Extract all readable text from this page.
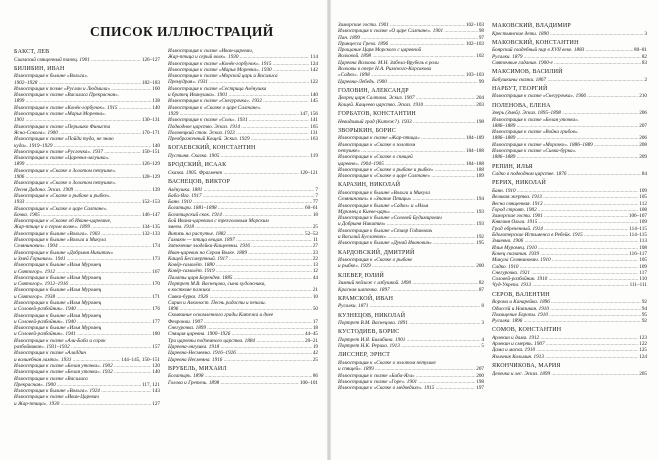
СПИСОК ИЛЛЮСТРАЦИЙ
БАКСТ, ЛЕВ
Сиамский священный танец. 1901 .....	126–127
БИЛИБИН, ИВАН
Иллюстрация к былине «Вольга».
1902–1928 .....	182–183
Иллюстрация к поэме «Руслан и Людмила» .....	160
Иллюстрация к сказке «Василиса Прекрасная».
1899 .....	138
Иллюстрация к сказке «Конёк-горбунок». 1915 .....	140
Иллюстрация к сказке «Марья Моревна».
1901 .....	130–131
Иллюстрация к сказке «Перышко Финиста
Ясна-Сокола». 1900 .....	170–171
Иллюстрация к сказке «Пойди туда, не знаю
куда». 1919–1929 .....	140
Иллюстрация к сказке «Руслочка». 1937 .....	150–151
Иллюстрация к сказке «Царевна-лягушка».
1899 .....	126–129
Иллюстрация к «Сказке о Золотом петушке».
1906 .....	128–129
Иллюстрация к «Сказке о Золотом петушке».
Песня Дадона. Эскиз. 1909 .....	139
Иллюстрация к «Сказке о рыбаке и рыбке».
1933 .....	152–153
Иллюстрация к «Сказке о царе Салтане».
Бочка. 1905 .....	146–147
Иллюстрация к «Сказке об Иване-царевиче,
Жар-птице и о сером волке». 1899 .....	134–135
Иллюстрация к былине «Вольга». 1903 .....	132–133
Иллюстрация к былине «Вольга и Микула
Селянинович». 1904 .....	174
Иллюстрация к былине «Добрыня Никитич»
и Змей Горыныч». 1941 .....	173
Иллюстрация к былине «Илья Муромец
и Святогор». 1912 .....	167
Иллюстрация к былине «Илья Муромец
и Святогор». 1912–1916 .....	170
Иллюстрация к былине «Илья Муромец
и Святогор». 1938 .....	171
Иллюстрация к былине «Илья Муромец
и Соловей-разбойник». 1940 .....	176
Иллюстрация к былине «Илья Муромец
и Соловей-разбойник». 1940 .....	177
Иллюстрация к былине «Илья Муромец
и Соловей-разбойник». 1941 .....	180
Иллюстрация к сказке «Али-Баба и сорок
разбойников». 1931–1932 .....	157
Иллюстрация к сказке «Аладдин
и волшебная лампа». 1931 .....	144–145, 150–151
Иллюстрация к сказке «Белая уточка». 1902 .....	120
Иллюстрация к сказке «Белая уточка». 1932 .....	140
Иллюстрация к сказке «Василиса
Прекрасная». 1900 .....	117, 121
Иллюстрация к былине «Вольга». 1924 .....	143
Иллюстрация к сказке «Иван-Царевич
и Жар-птица». 1930 .....	127
Иллюстрация к сказке «Иван-царевич,
Жар-птица и серый волк». 1930 .....	114
Иллюстрация к сказке «Конёк-горбунок». 1915 .....	124
Иллюстрация к сказке «Марья Моревна». 1930 .....	142
Иллюстрация к сказке «Морской царь и Василиса
Премудрая». 1931 .....	122
Иллюстрация к сказке «Сестрица Алёнушка
и братец Иванушка». 1901 .....	140
Иллюстрация к сказке «Снегурочка». 1932 .....	145
Иллюстрация к «Сказке о царе Салтане».
1929 .....	147, 156
Иллюстрация к сказке «Соль». 1931 .....	141
Подводное царство. Эскиз. 1914 .....	165
Половецкий стан. Эскиз. 1923 .....	131
Преображенный Кощей. Эскиз. 1929 .....	163
БОГАЕВСКИЙ, КОНСТАНТИН
Пустыня. Сказка. 1905 .....	119
БРОДСКИЙ, ИСААК
Сказка. 1905. Фрагмент .....	120–121
ВАСНЕЦОВ, ВИКТОР
Алёнушка. 1881 .....	7
Баба-Яга. 1917 .....	7
Баян. 1910 .....	77
Богатыри. 1881–1898 .....	60–61
Богатырский скок. 1914 .....	18
Бой Ивана-царевича с трехголовым Морским
змеем. 1918 .....	25
Витязь на распутье. 1882 .....	52–53
Гамаюн — птица вещая. 1897 .....	11
Заточение злодейки-Кащеевны. 1916 .....	27
Иван-царевич на Сером Волке. 1889 .....	23
Кащей Бессмертный. 1917 .....	22
Ковёр-самолёт. 1880 .....	13
Ковёр-самолёт. 1919 .....	12
Палаты царя Берендея. 1885 .....	44
Портрет М.В. Васнецова, сына художника,
в костюме пажика .....	21
Сивка-бурка. 1926 .....	10
Сирин и Алконост. Песнь радости и печали.
1896 .....	50
Скомкание оскомленного грады Китежа и днее
Февронии. 1907 .....	17
Снегурочка. 1899 .....	18
Спящая царевна. 1900–1926 .....	44–45
Три царевны подземного царства. 1884 .....	20–21
Царевна-лягушка. 1918 .....	19
Царевна-Несмеяна. 1916–1926 .....	42
Царевна Несмеяна. 1916 .....	25
ВРУБЕЛЬ, МИХАИЛ
Богатырь. 1898 .....	86
Голова и Гретель. 1898 .....	100–101
Заморские гости. 1901 .....	102–103
Иллюстрация к сказке «О царе Салтане». 1901 .....	98
Пан. 1899 .....	97
Принцесса Греза. 1896 .....	102–103
Прощание Царя Морского с царевной
Волховой. 1898 .....	102
Царевна Волхова. М.Н. Забела-Врубель в роли
Волховы в опере Н.А. Римского-Корсакова
«Садко». 1898 .....	103–103
Царевна-Лебедь. 1900 .....	99
ГОЛОВИН, АЛЕКСАНДР
Дворец царя Салтана. Эскиз. 1907 .....	204
Кощей. Кащеево царство. Эскиз. 1910 .....	203
ГОРБАТОВ, КОНСТАНТИН
Невидимый град (Китеж?). 1933 .....	198
ЗВОРЫКИН, БОРИС
Иллюстрация к сказке «Жар-птица» .....	184–189
Иллюстрация к «Сказке о золотом
петушке» .....	184–188
Иллюстрация к «Сказке о спящей
царевне». 1904–1905 .....	184–188
Иллюстрация к «Сказке о рыбаке и рыбке» .....	188
Иллюстрация к «Сказке о царе Салтане» .....	189
КАРАЗИН, НИКОЛАЙ
Иллюстрация к былине «Вольга и Микула
Селянинович» в «Знание Птицы» .....	194
Иллюстрация к былине «Садко» и «Илья
Муромец в Киеве-царь» .....	193
Иллюстрация к былине «Соловей Будимирович
и Добрыня Никитич» .....	193
Иллюстрация к былине «Ставр Годинович
и Василий Буслаевич» .....	192
Иллюстрация к былине «Дунай Иванович» .....	195
КАРДОВСКИЙ, ДМИТРИЙ
Иллюстрация к «Сказке о рыбаке
и рыбке». 1929 .....	200
КЛЕВЕР, ЮЛИЙ
Зимний пейзаж с избушкой. 1890 .....	82
Красная шапочка. 1897 .....	87
КРАМСКОЙ, ИВАН
Русалки. 1871 .....	8
КУЗНЕЦОВ, НИКОЛАЙ
Портрет В.М. Васнецова. 1891 .....	3
КУСТОДИЕВ, БОРИС
Портрет И.Я. Билибина. 1901 .....	4
Портрет Н.К. Рериха. 1913 .....	5
ЛИССНЕР, ЭРНСТ
Иллюстрация к «Сказке о золотом петушке
и спящей». 1899 .....	207
Иллюстрация к сказке «Баба-Яга» .....	200
Иллюстрация к сказке «Горе». 1901 .....	198
Иллюстрация к «Сказке о медведихе». 1915 .....	197
МАКОВСКИЙ, ВЛАДИМИР
Крестьянские дети. 1890 .....	3
МАКОВСКИЙ, КОНСТАНТИН
Боярский свадебный пир в XVII веке. 1883 .....	80–81
Русалки. 1879 .....	82
Святочные гадания. 1900-е .....	83
МАКСИМОВ, ВАСИЛИЙ
Бабушкины сказки. 1867 .....	2
НАРБУТ, ГЕОРГИЙ
Иллюстрация к сказке «Снегурочка». 1906 .....	210
ПОЛЕНОВА, ЕЛЕНА
Зверь (Змей). Эскиз. 1895–1898 .....	206
Иллюстрация к сказке «Белая уточка».
1886–1889 .....	207
Иллюстрация к сказке «Война грибов».
1886–1889 .....	206
Иллюстрация к сказке «Морозко». 1886–1889 .....	208
Иллюстрация к сказке «Сивка-бурка».
1886–1889 .....	209
РЕПИН, ИЛЬЯ
Садко в подводном царстве. 1876 .....	84
РЕРИХ, НИКОЛАЙ
Баян. 1910 .....	109
Великая жертва. 1913 .....	105
Весна священная. 1913 .....	112
Город строят. 1902 .....	108
Заморские гости. 1901 .....	106–107
Княгиня Ольга. 1915 .....	109
Град обреченный. 1914 .....	114–115
Бдолотерские Истьменса в Ребейк. 1915 .....	114–115
Змиевна. 1906 .....	113
Илья Муромец. 1910 .....	108
Конец сказания. 1939 .....	116–117
Микула Селянинович. 1910 .....	105
Садко. 1910 .....	109
Снегурочка. 1921 .....	117
Соловей-разбойник. 1910 .....	110
Чуд-Укрепа. 1913 .....	111–111
СЕРОВ, ВАЛЕНТИН
Ворона и Канарейка. 1896 .....	92
Одиссей и Навзикая. 1910 .....	94
Похищение Европы. 1910 .....	95
Русалка. 1896 .....	92
СОМОВ, КОНСТАНТИН
Арлекин и дама. 1912 .....	123
Арлекин и смерть. 1907 .....	122
Дама и маска. 1910 .....	125
Язычник Кольмия. 1913 .....	124
ЯКОНЧИКОВА, МАРИЯ
Девочка и лес. Эскиз. 1899 .....	205
